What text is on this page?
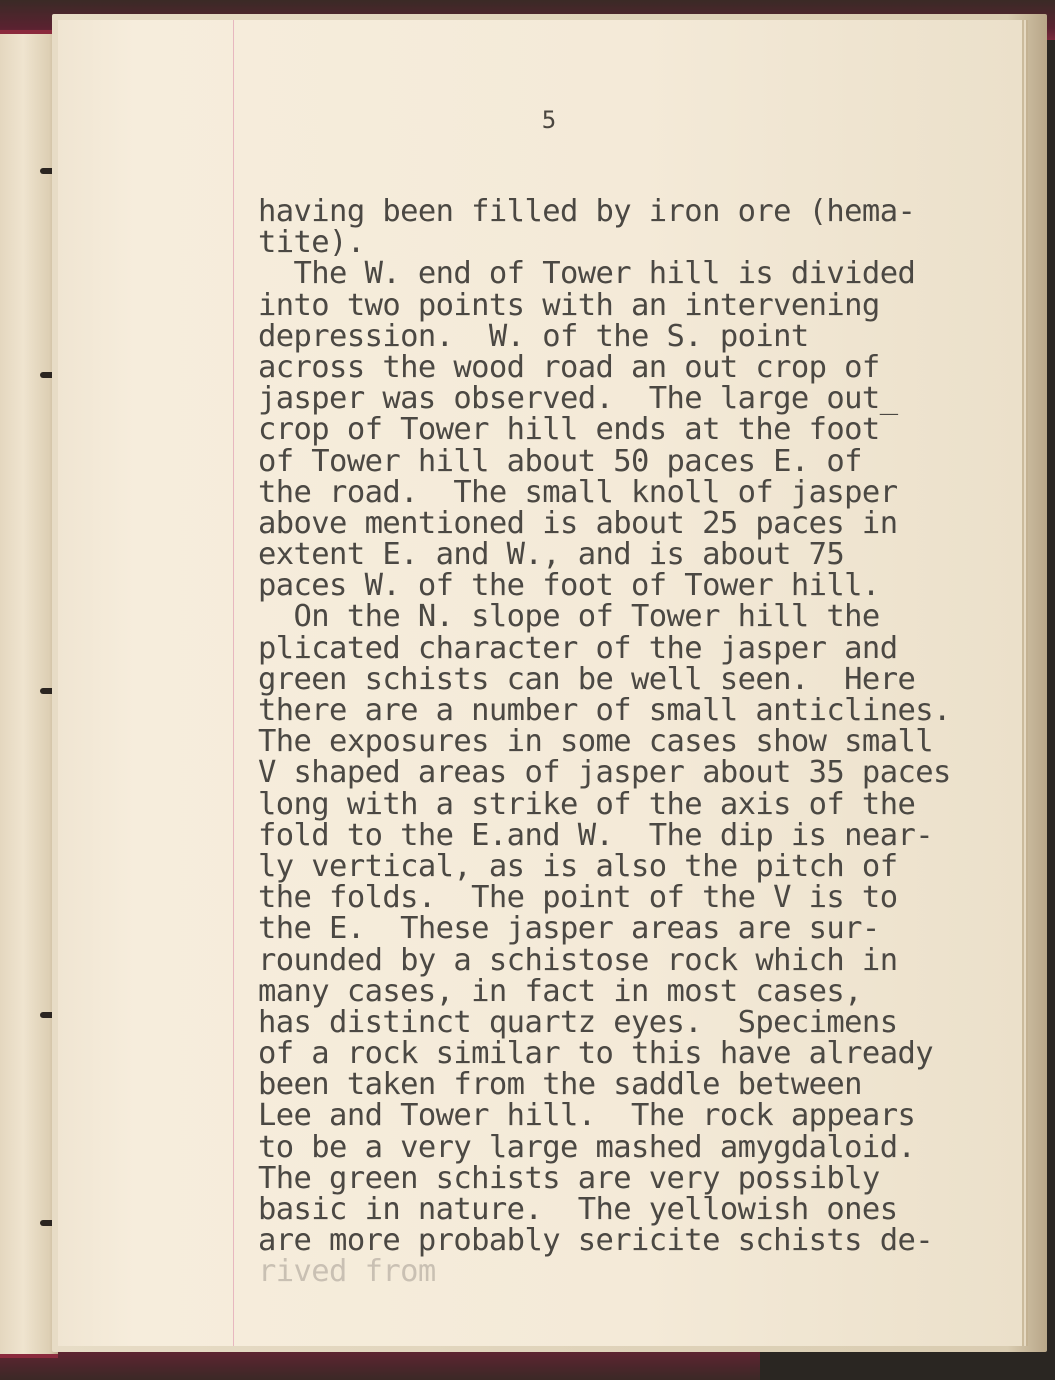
5
having been filled by iron ore (hema-
tite).
The W. end of Tower hill is divided
into two points with an intervening
depression.  W. of the S. point
across the wood road an out crop of
jasper was observed.  The large out_
crop of Tower hill ends at the foot
of Tower hill about 50 paces E. of
the road.  The small knoll of jasper
above mentioned is about 25 paces in
extent E. and W., and is about 75
paces W. of the foot of Tower hill.
On the N. slope of Tower hill the
plicated character of the jasper and
green schists can be well seen.  Here
there are a number of small anticlines.
The exposures in some cases show small
V shaped areas of jasper about 35 paces
long with a strike of the axis of the
fold to the E.and W.  The dip is near-
ly vertical, as is also the pitch of
the folds.  The point of the V is to
the E.  These jasper areas are sur-
rounded by a schistose rock which in
many cases, in fact in most cases,
has distinct quartz eyes.  Specimens
of a rock similar to this have already
been taken from the saddle between
Lee and Tower hill.  The rock appears
to be a very large mashed amygdaloid.
The green schists are very possibly
basic in nature.  The yellowish ones
are more probably sericite schists de-
rived from
